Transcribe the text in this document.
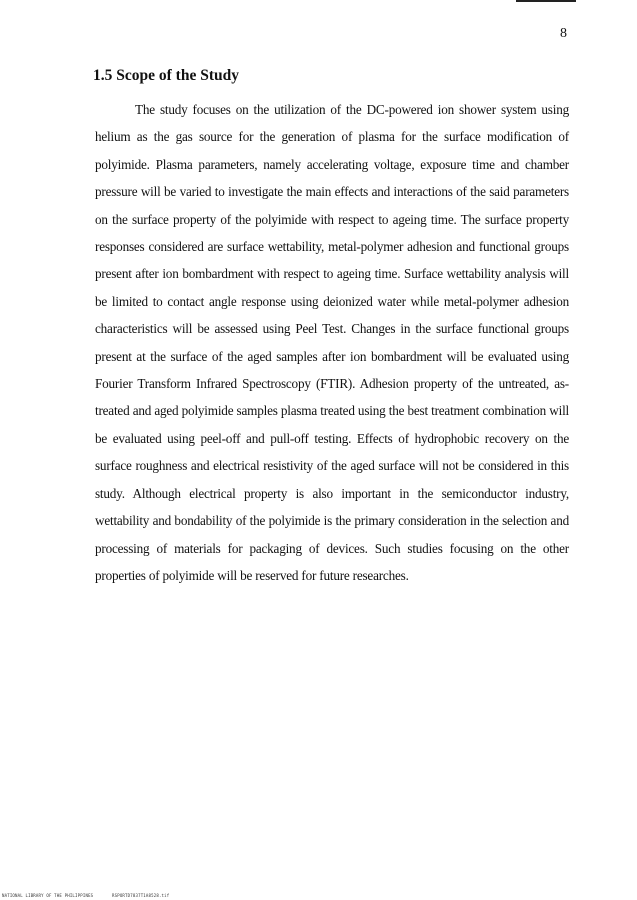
8
1.5 Scope of the Study

The study focuses on the utilization of the DC-powered ion shower system using helium as the gas source for the generation of plasma for the surface modification of polyimide. Plasma parameters, namely accelerating voltage, exposure time and chamber pressure will be varied to investigate the main effects and interactions of the said parameters on the surface property of the polyimide with respect to ageing time. The surface property responses considered are surface wettability, metal-polymer adhesion and functional groups present after ion bombardment with respect to ageing time. Surface wettability analysis will be limited to contact angle response using deionized water while metal-polymer adhesion characteristics will be assessed using Peel Test. Changes in the surface functional groups present at the surface of the aged samples after ion bombardment will be evaluated using Fourier Transform Infrared Spectroscopy (FTIR). Adhesion property of the untreated, as-treated and aged polyimide samples plasma treated using the best treatment combination will be evaluated using peel-off and pull-off testing. Effects of hydrophobic recovery on the surface roughness and electrical resistivity of the aged surface will not be considered in this study. Although electrical property is also important in the semiconductor industry, wettability and bondability of the polyimide is the primary consideration in the selection and processing of materials for packaging of devices. Such studies focusing on the other properties of polyimide will be reserved for future researches.

NATIONAL LIBRARY OF THE PHILIPPINES	RSPORTD7837T1A8528.tif
